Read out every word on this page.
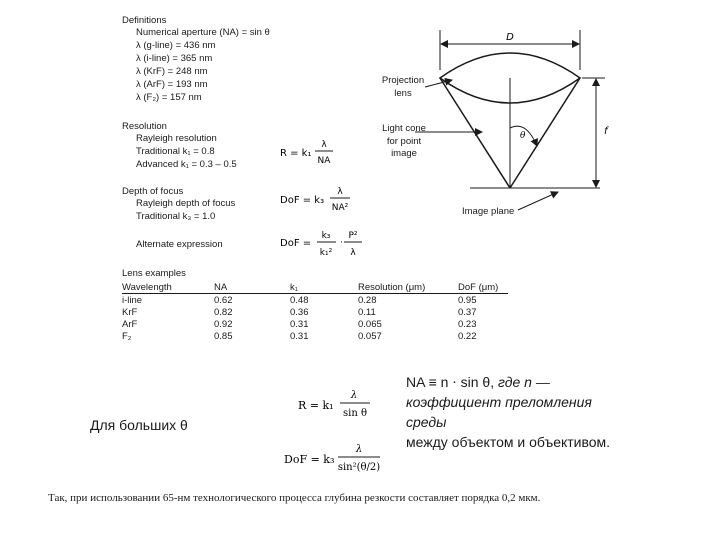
Definitions
Numerical aperture (NA) = sin θ
λ (g-line) = 436 nm
λ (i-line) = 365 nm
λ (KrF) = 248 nm
λ (ArF) = 193 nm
λ (F₂) = 157 nm
Resolution
Rayleigh resolution
Traditional k₁ = 0.8
Advanced k₁ = 0.3 – 0.5
R = k₁
λ
NA
Depth of focus
Rayleigh depth of focus
Traditional k₃ = 1.0
DoF = k₃
λ
NA²
Alternate expression	DoF =
k₃
k₁²
·
P²
λ
Lens examples
Wavelength	NA	k₁	Resolution (μm)	DoF (μm)
i-line	0.62	0.48	0.28	0.95
KrF	0.82	0.36	0.11	0.37
ArF	0.92	0.31	0.065	0.23
F₂	0.85	0.31	0.057	0.22
D
θ	f
Projection
lens
Light cone
for point
image
Image plane
Для больших θ
R = k₁
λ
sin θ
DoF = k₃
λ
sin²(θ/2)
NA ≡ n ⋅ sin θ, где n —
коэффициент преломления
среды
между объектом и объективом.

Так, при использовании 65-нм технологического процесса глубина резкости составляет порядка 0,2 мкм.
